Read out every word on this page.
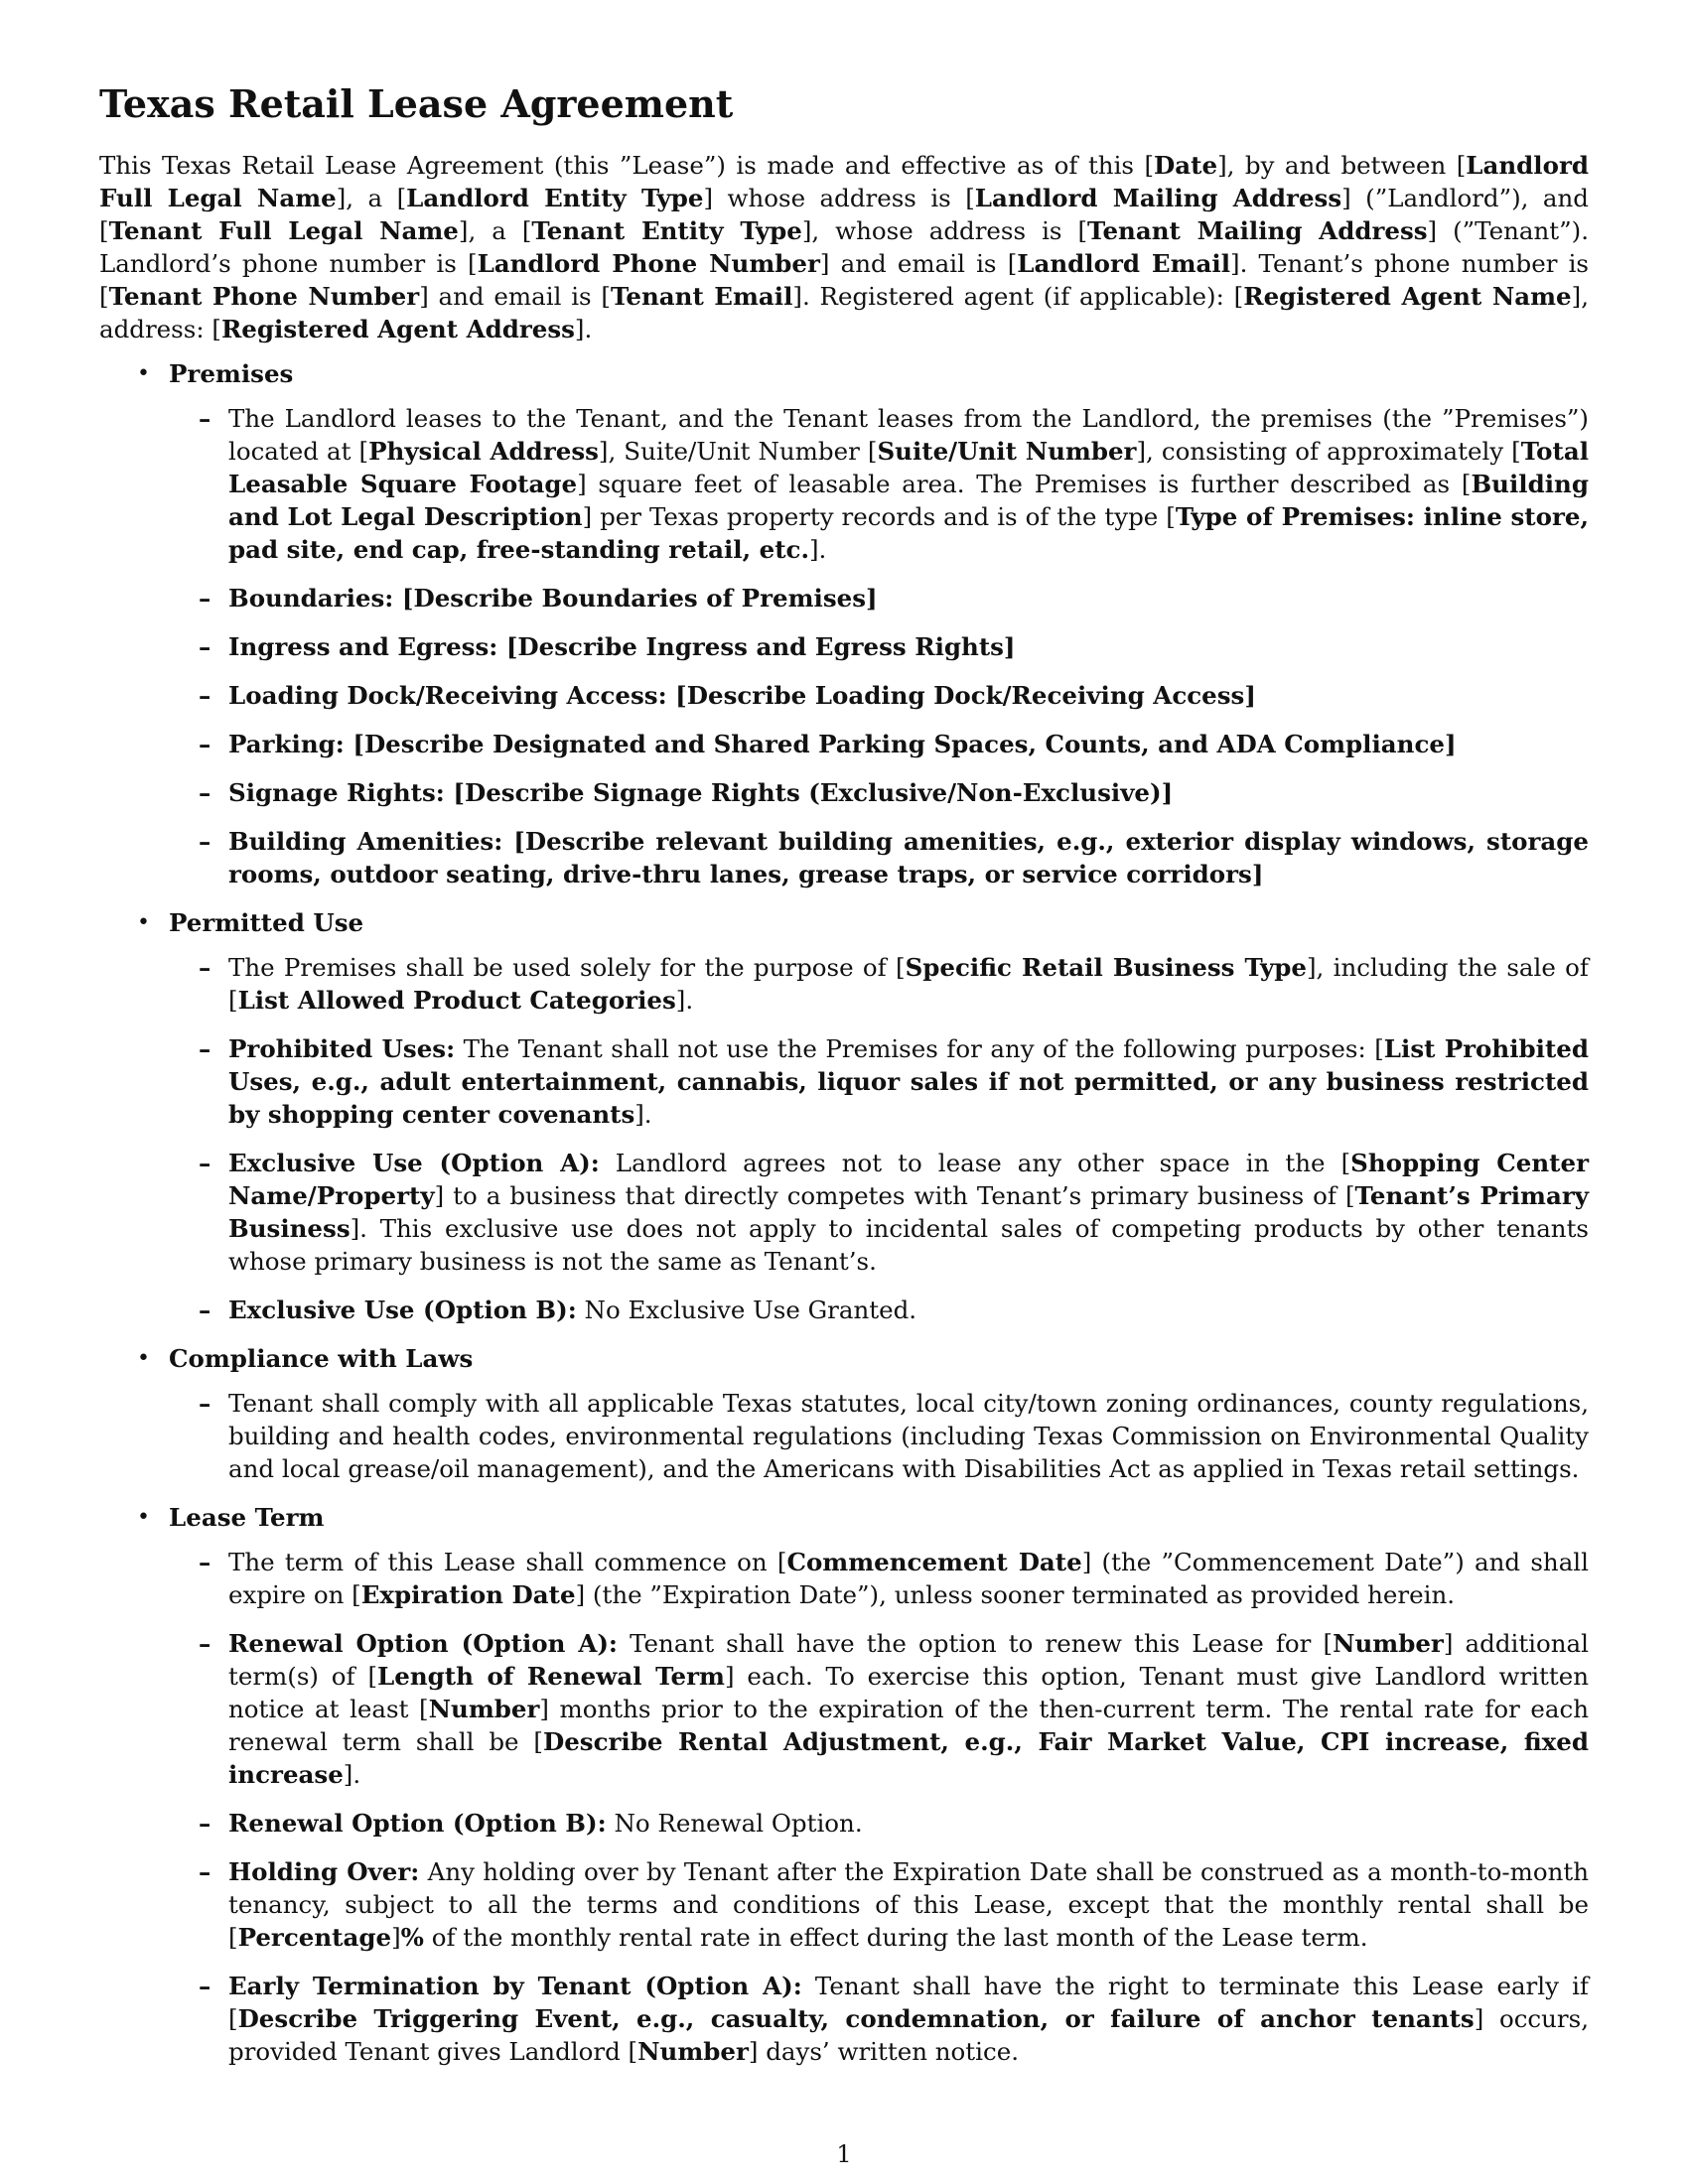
Texas Retail Lease Agreement

This Texas Retail Lease Agreement (this ”Lease”) is made and effective as of this [Date], by and between [Landlord Full Legal Name], a [Landlord Entity Type] whose address is [Landlord Mailing Address] (”Landlord”), and [Tenant Full Legal Name], a [Tenant Entity Type], whose address is [Tenant Mailing Address] (”Tenant”). Landlord’s phone number is [Landlord Phone Number] and email is [Landlord Email]. Tenant’s phone number is [Tenant Phone Number] and email is [Tenant Email]. Registered agent (if applicable): [Registered Agent Name], address: [Registered Agent Address].

• Premises
– The Landlord leases to the Tenant, and the Tenant leases from the Landlord, the premises (the ”Premises”) located at [Physical Address], Suite/Unit Number [Suite/Unit Number], consisting of approximately [Total Leasable Square Footage] square feet of leasable area. The Premises is further described as [Building and Lot Legal Description] per Texas property records and is of the type [Type of Premises: inline store, pad site, end cap, free-standing retail, etc.].
– Boundaries: [Describe Boundaries of Premises]
– Ingress and Egress: [Describe Ingress and Egress Rights]
– Loading Dock/Receiving Access: [Describe Loading Dock/Receiving Access]
– Parking: [Describe Designated and Shared Parking Spaces, Counts, and ADA Compliance]
– Signage Rights: [Describe Signage Rights (Exclusive/Non-Exclusive)]
– Building Amenities: [Describe relevant building amenities, e.g., exterior display windows, storage rooms, outdoor seating, drive-thru lanes, grease traps, or service corridors]
• Permitted Use
– The Premises shall be used solely for the purpose of [Specific Retail Business Type], including the sale of [List Allowed Product Categories].
– Prohibited Uses: The Tenant shall not use the Premises for any of the following purposes: [List Prohibited Uses, e.g., adult entertainment, cannabis, liquor sales if not permitted, or any business restricted by shopping center covenants].
– Exclusive Use (Option A): Landlord agrees not to lease any other space in the [Shopping Center Name/Property] to a business that directly competes with Tenant’s primary business of [Tenant’s Primary Business]. This exclusive use does not apply to incidental sales of competing products by other tenants whose primary business is not the same as Tenant’s.
– Exclusive Use (Option B): No Exclusive Use Granted.
• Compliance with Laws
– Tenant shall comply with all applicable Texas statutes, local city/town zoning ordinances, county regulations, building and health codes, environmental regulations (including Texas Commission on Environmental Quality and local grease/oil management), and the Americans with Disabilities Act as applied in Texas retail settings.
• Lease Term
– The term of this Lease shall commence on [Commencement Date] (the ”Commencement Date”) and shall expire on [Expiration Date] (the ”Expiration Date”), unless sooner terminated as provided herein.
– Renewal Option (Option A): Tenant shall have the option to renew this Lease for [Number] additional term(s) of [Length of Renewal Term] each. To exercise this option, Tenant must give Landlord written notice at least [Number] months prior to the expiration of the then-current term. The rental rate for each renewal term shall be [Describe Rental Adjustment, e.g., Fair Market Value, CPI increase, fixed increase].
– Renewal Option (Option B): No Renewal Option.
– Holding Over: Any holding over by Tenant after the Expiration Date shall be construed as a month-to-month tenancy, subject to all the terms and conditions of this Lease, except that the monthly rental shall be [Percentage]% of the monthly rental rate in effect during the last month of the Lease term.
– Early Termination by Tenant (Option A): Tenant shall have the right to terminate this Lease early if [Describe Triggering Event, e.g., casualty, condemnation, or failure of anchor tenants] occurs, provided Tenant gives Landlord [Number] days’ written notice.
1
